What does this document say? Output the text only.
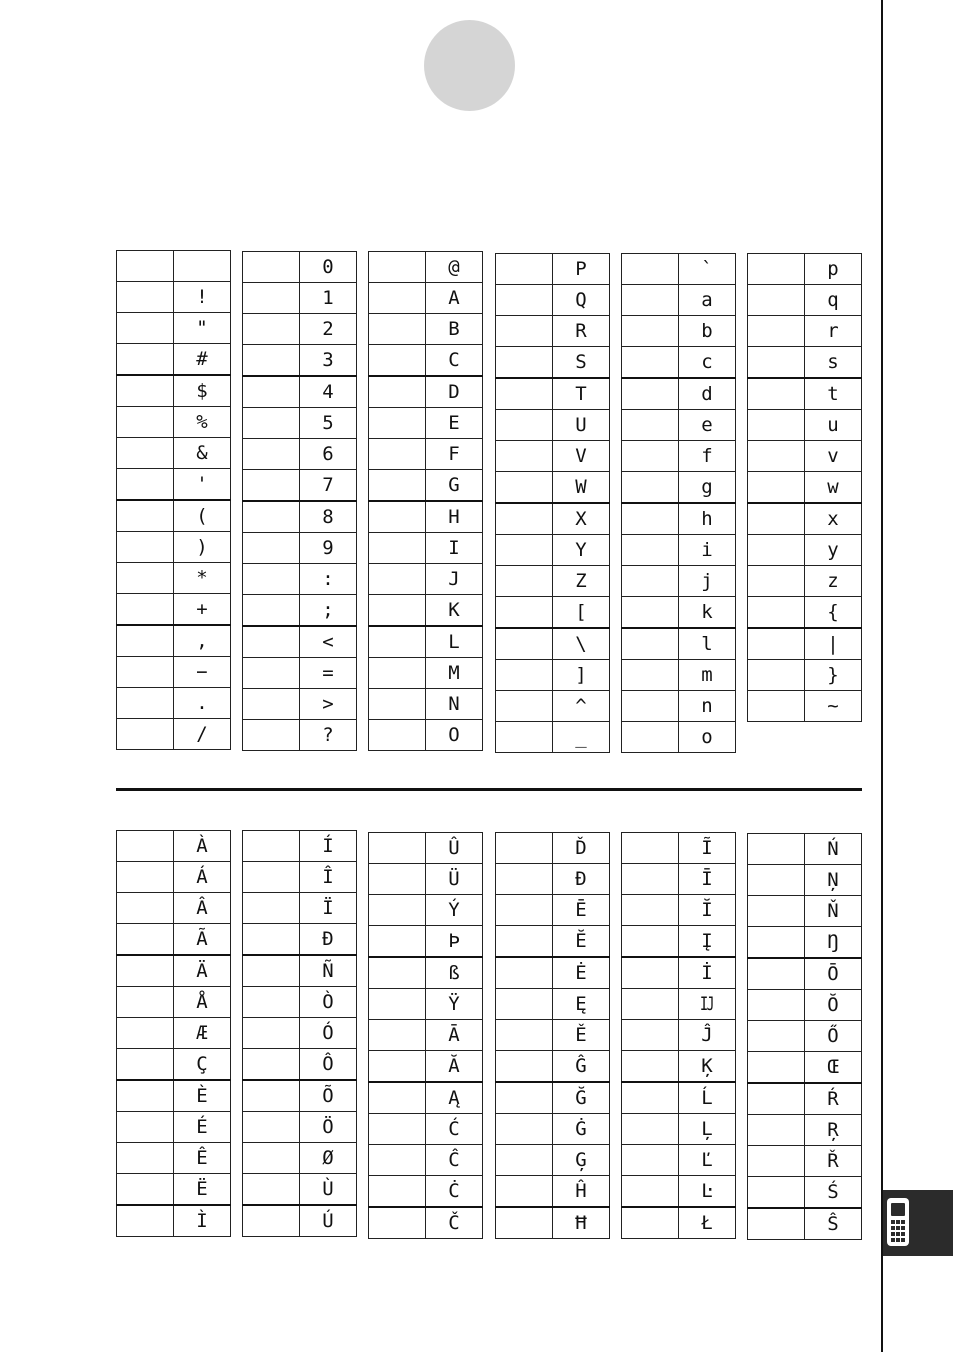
	!
	"
	#
	$
	%
	&
	'
	(
	)
	*
	+
	,
	−
	.
	/
	0
	1
	2
	3
	4
	5
	6
	7
	8
	9
	:
	;
	<
	=
	>
	?
	@
	A
	B
	C
	D
	E
	F
	G
	H
	I
	J
	K
	L
	M
	N
	O
	P
	Q
	R
	S
	T
	U
	V
	W
	X
	Y
	Z
	[
	\
	]
	^
	_
	`
	a
	b
	c
	d
	e
	f
	g
	h
	i
	j
	k
	l
	m
	n
	o
	p
	q
	r
	s
	t
	u
	v
	w
	x
	y
	z
	{
	|
	}
	~
	À
	Á
	Â
	Ã
	Ä
	Å
	Æ
	Ç
	È
	É
	Ê
	Ë
	Ì
	Í
	Î
	Ï
	Ð
	Ñ
	Ò
	Ó
	Ô
	Õ
	Ö
	Ø
	Ù
	Ú
	Û
	Ü
	Ý
	Þ
	ß
	Ÿ
	Ā
	Ă
	Ą
	Ć
	Ĉ
	Ċ
	Č
	Ď
	Đ
	Ē
	Ĕ
	Ė
	Ę
	Ě
	Ĝ
	Ğ
	Ġ
	Ģ
	Ĥ
	Ħ
	Ĩ
	Ī
	Ĭ
	Į
	İ
	Ĳ
	Ĵ
	Ķ
	Ĺ
	Ļ
	Ľ
	Ŀ
	Ł
	Ń
	Ņ
	Ň
	Ŋ
	Ō
	Ŏ
	Ő
	Œ
	Ŕ
	Ŗ
	Ř
	Ś
	Ŝ
